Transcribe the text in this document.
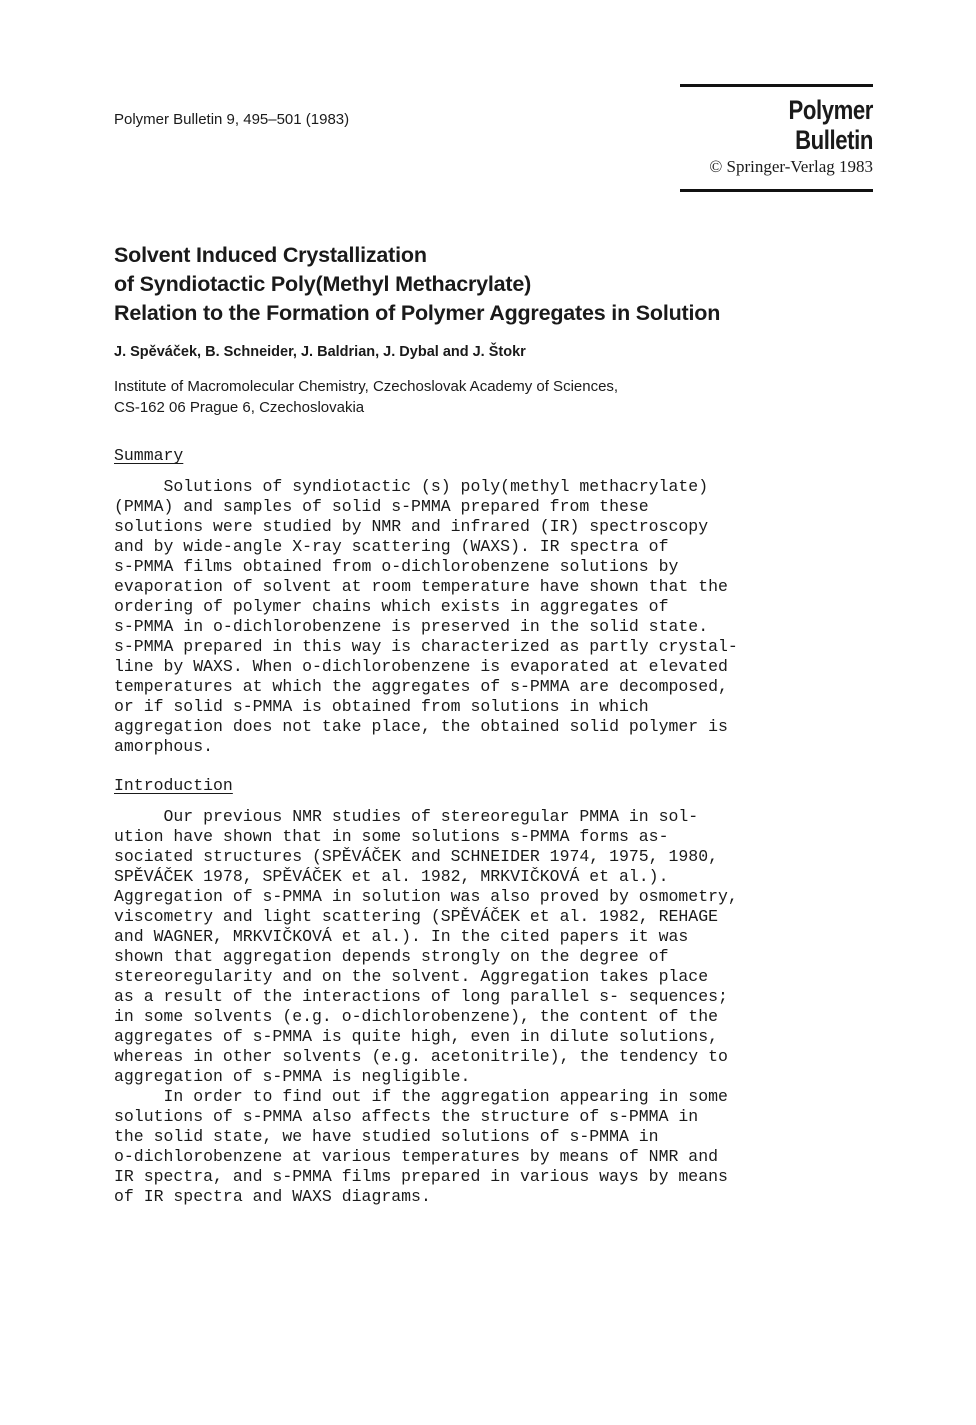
Polymer Bulletin 9, 495–501 (1983)	Polymer Bulletin
© Springer-Verlag 1983
Solvent Induced Crystallization
of Syndiotactic Poly(Methyl Methacrylate)
Relation to the Formation of Polymer Aggregates in Solution
J. Spěváček, B. Schneider, J. Baldrian, J. Dybal and J. Štokr
Institute of Macromolecular Chemistry, Czechoslovak Academy of Sciences,
CS-162 06 Prague 6, Czechoslovakia
Summary
Solutions of syndiotactic (s) poly(methyl methacrylate)
(PMMA) and samples of solid s-PMMA prepared from these
solutions were studied by NMR and infrared (IR) spectroscopy
and by wide-angle X-ray scattering (WAXS). IR spectra of
s-PMMA films obtained from o-dichlorobenzene solutions by
evaporation of solvent at room temperature have shown that the
ordering of polymer chains which exists in aggregates of
s-PMMA in o-dichlorobenzene is preserved in the solid state.
s-PMMA prepared in this way is characterized as partly crystal-
line by WAXS. When o-dichlorobenzene is evaporated at elevated
temperatures at which the aggregates of s-PMMA are decomposed,
or if solid s-PMMA is obtained from solutions in which
aggregation does not take place, the obtained solid polymer is
amorphous.
Introduction
Our previous NMR studies of stereoregular PMMA in sol-
ution have shown that in some solutions s-PMMA forms as-
sociated structures (SPĚVÁČEK and SCHNEIDER 1974, 1975, 1980,
SPĚVÁČEK 1978, SPĚVÁČEK et al. 1982, MRKVIČKOVÁ et al.).
Aggregation of s-PMMA in solution was also proved by osmometry,
viscometry and light scattering (SPĚVÁČEK et al. 1982, REHAGE
and WAGNER, MRKVIČKOVÁ et al.). In the cited papers it was
shown that aggregation depends strongly on the degree of
stereoregularity and on the solvent. Aggregation takes place
as a result of the interactions of long parallel s- sequences;
in some solvents (e.g. o-dichlorobenzene), the content of the
aggregates of s-PMMA is quite high, even in dilute solutions,
whereas in other solvents (e.g. acetonitrile), the tendency to
aggregation of s-PMMA is negligible.
In order to find out if the aggregation appearing in some
solutions of s-PMMA also affects the structure of s-PMMA in
the solid state, we have studied solutions of s-PMMA in
o-dichlorobenzene at various temperatures by means of NMR and
IR spectra, and s-PMMA films prepared in various ways by means
of IR spectra and WAXS diagrams.
